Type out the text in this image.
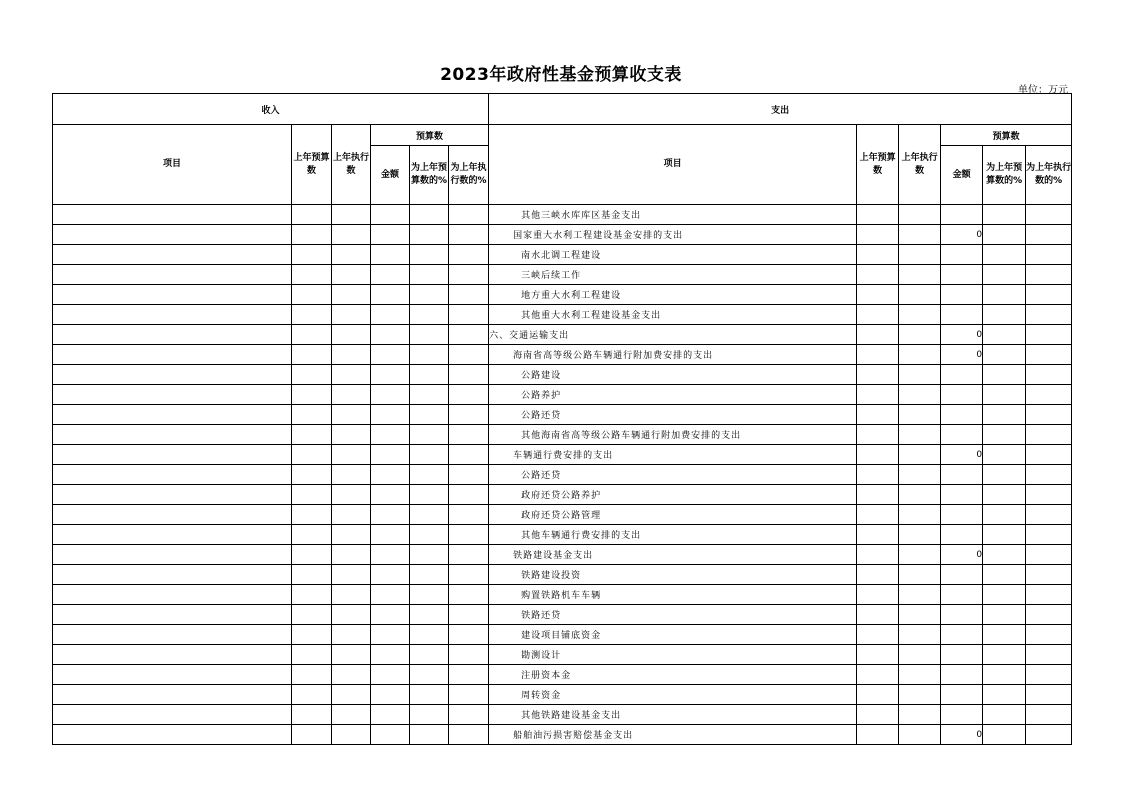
2023年政府性基金预算收支表
单位：万元
收入						支出					
项目	上年预算数	上年执行数	预算数			项目	上年预算数	上年执行数	预算数		
			金额	为上年预算数的%	为上年执行数的%				金额	为上年预算数的%	为上年执行数的%
						其他三峡水库库区基金支出					
						国家重大水利工程建设基金安排的支出			0		
						南水北调工程建设					
						三峡后续工作					
						地方重大水利工程建设					
						其他重大水利工程建设基金支出					
						六、交通运输支出			0		
						海南省高等级公路车辆通行附加费安排的支出			0		
						公路建设					
						公路养护					
						公路还贷					
						其他海南省高等级公路车辆通行附加费安排的支出					
						车辆通行费安排的支出			0		
						公路还贷					
						政府还贷公路养护					
						政府还贷公路管理					
						其他车辆通行费安排的支出					
						铁路建设基金支出			0		
						铁路建设投资					
						购置铁路机车车辆					
						铁路还贷					
						建设项目铺底资金					
						勘测设计					
						注册资本金					
						周转资金					
						其他铁路建设基金支出					
						船舶油污损害赔偿基金支出			0		
